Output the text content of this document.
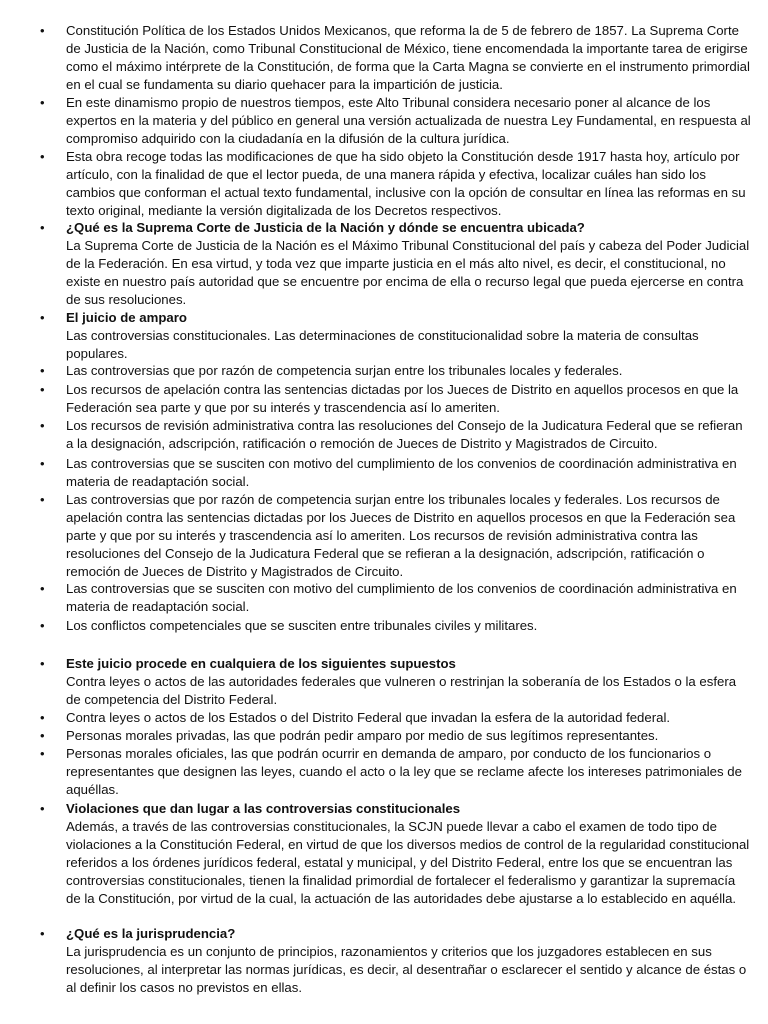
• Constitución Política de los Estados Unidos Mexicanos, que reforma la de 5 de febrero de 1857. La Suprema Corte de Justicia de la Nación, como Tribunal Constitucional de México, tiene encomendada la importante tarea de erigirse como el máximo intérprete de la Constitución, de forma que la Carta Magna se convierte en el instrumento primordial en el cual se fundamenta su diario quehacer para la impartición de justicia.

• En este dinamismo propio de nuestros tiempos, este Alto Tribunal considera necesario poner al alcance de los expertos en la materia y del público en general una versión actualizada de nuestra Ley Fundamental, en respuesta al compromiso adquirido con la ciudadanía en la difusión de la cultura jurídica.

• Esta obra recoge todas las modificaciones de que ha sido objeto la Constitución desde 1917 hasta hoy, artículo por artículo, con la finalidad de que el lector pueda, de una manera rápida y efectiva, localizar cuáles han sido los cambios que conforman el actual texto fundamental, inclusive con la opción de consultar en línea las reformas en su texto original, mediante la versión digitalizada de los Decretos respectivos.

• ¿Qué es la Suprema Corte de Justicia de la Nación y dónde se encuentra ubicada?

La Suprema Corte de Justicia de la Nación es el Máximo Tribunal Constitucional del país y cabeza del Poder Judicial de la Federación. En esa virtud, y toda vez que imparte justicia en el más alto nivel, es decir, el constitucional, no existe en nuestro país autoridad que se encuentre por encima de ella o recurso legal que pueda ejercerse en contra de sus resoluciones.

• El juicio de amparo

Las controversias constitucionales. Las determinaciones de constitucionalidad sobre la materia de consultas populares.

• Las controversias que por razón de competencia surjan entre los tribunales locales y federales.

• Los recursos de apelación contra las sentencias dictadas por los Jueces de Distrito en aquellos procesos en que la Federación sea parte y que por su interés y trascendencia así lo ameriten.

• Los recursos de revisión administrativa contra las resoluciones del Consejo de la Judicatura Federal que se refieran a la designación, adscripción, ratificación o remoción de Jueces de Distrito y Magistrados de Circuito.

• Las controversias que se susciten con motivo del cumplimiento de los convenios de coordinación administrativa en materia de readaptación social.

• Las controversias que por razón de competencia surjan entre los tribunales locales y federales. Los recursos de apelación contra las sentencias dictadas por los Jueces de Distrito en aquellos procesos en que la Federación sea parte y que por su interés y trascendencia así lo ameriten. Los recursos de revisión administrativa contra las resoluciones del Consejo de la Judicatura Federal que se refieran a la designación, adscripción, ratificación o remoción de Jueces de Distrito y Magistrados de Circuito.

• Las controversias que se susciten con motivo del cumplimiento de los convenios de coordinación administrativa en materia de readaptación social.

• Los conflictos competenciales que se susciten entre tribunales civiles y militares.

• Este juicio procede en cualquiera de los siguientes supuestos

Contra leyes o actos de las autoridades federales que vulneren o restrinjan la soberanía de los Estados o la esfera de competencia del Distrito Federal.

• Contra leyes o actos de los Estados o del Distrito Federal que invadan la esfera de la autoridad federal.

• Personas morales privadas, las que podrán pedir amparo por medio de sus legítimos representantes.

• Personas morales oficiales, las que podrán ocurrir en demanda de amparo, por conducto de los funcionarios o representantes que designen las leyes, cuando el acto o la ley que se reclame afecte los intereses patrimoniales de aquéllas.

• Violaciones que dan lugar a las controversias constitucionales

Además, a través de las controversias constitucionales, la SCJN puede llevar a cabo el examen de todo tipo de violaciones a la Constitución Federal, en virtud de que los diversos medios de control de la regularidad constitucional referidos a los órdenes jurídicos federal, estatal y municipal, y del Distrito Federal, entre los que se encuentran las controversias constitucionales, tienen la finalidad primordial de fortalecer el federalismo y garantizar la supremacía de la Constitución, por virtud de la cual, la actuación de las autoridades debe ajustarse a lo establecido en aquélla.

• ¿Qué es la jurisprudencia?

La jurisprudencia es un conjunto de principios, razonamientos y criterios que los juzgadores establecen en sus resoluciones, al interpretar las normas jurídicas, es decir, al desentrañar o esclarecer el sentido y alcance de éstas o al definir los casos no previstos en ellas.
